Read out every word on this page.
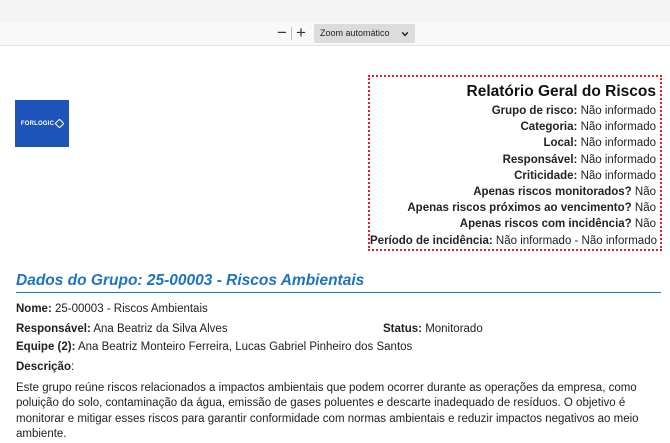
− +	Zoom automático
FORLOGIC
Relatório Geral do Riscos
Grupo de risco: Não informado
Categoria: Não informado
Local: Não informado
Responsável: Não informado
Criticidade: Não informado
Apenas riscos monitorados? Não
Apenas riscos próximos ao vencimento? Não
Apenas riscos com incidência? Não
Período de incidência: Não informado - Não informado
Dados do Grupo: 25-00003 - Riscos Ambientais
Nome: 25-00003 - Riscos Ambientais
Responsável: Ana Beatriz da Silva Alves	Status: Monitorado
Equipe (2): Ana Beatriz Monteiro Ferreira, Lucas Gabriel Pinheiro dos Santos
Descrição:
Este grupo reúne riscos relacionados a impactos ambientais que podem ocorrer durante as operações da empresa, como poluição do solo, contaminação da água, emissão de gases poluentes e descarte inadequado de resíduos. O objetivo é monitorar e mitigar esses riscos para garantir conformidade com normas ambientais e reduzir impactos negativos ao meio ambiente.
